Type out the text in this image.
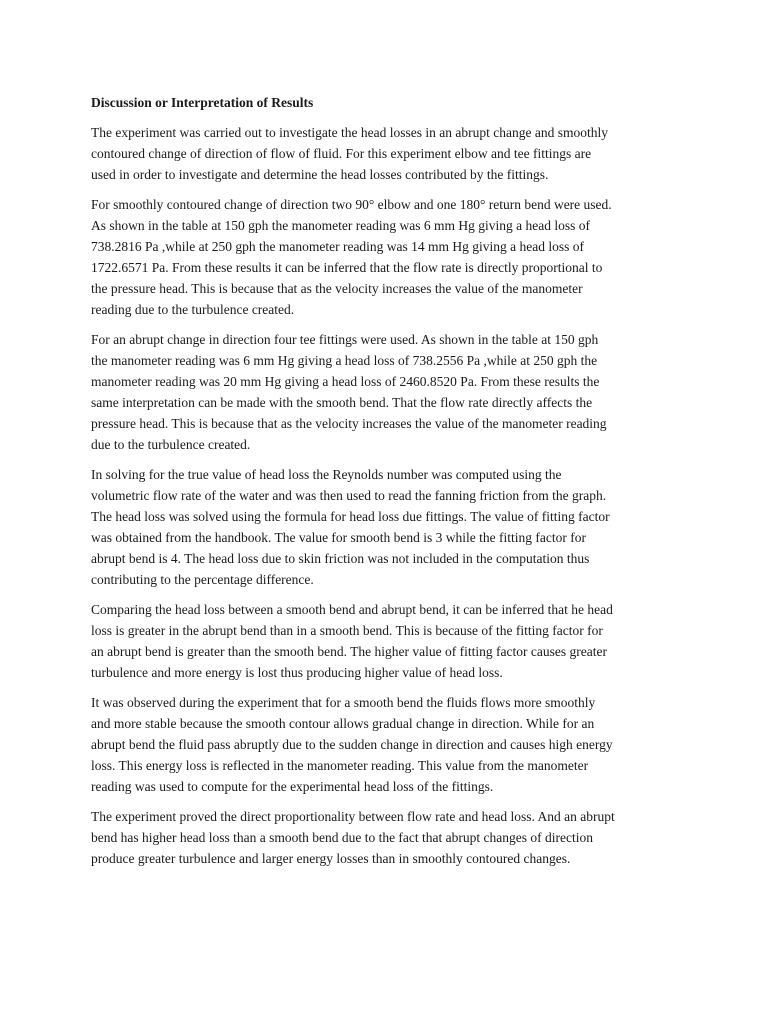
Discussion or Interpretation of Results
The experiment was carried out to investigate the head losses in an abrupt change and smoothly
contoured change of direction of flow of fluid. For this experiment elbow and tee fittings are
used in order to investigate and determine the head losses contributed by the fittings.
For smoothly contoured change of direction two 90° elbow and one 180° return bend were used.
As shown in the table at 150 gph the manometer reading was 6 mm Hg giving a head loss of
738.2816 Pa ,while at 250 gph the manometer reading was 14 mm Hg giving a head loss of
1722.6571 Pa. From these results it can be inferred that the flow rate is directly proportional to
the pressure head. This is because that as the velocity increases the value of the manometer
reading due to the turbulence created.
For an abrupt change in direction four tee fittings were used. As shown in the table at 150 gph
the manometer reading was 6 mm Hg giving a head loss of 738.2556 Pa ,while at 250 gph the
manometer reading was 20 mm Hg giving a head loss of 2460.8520 Pa. From these results the
same interpretation can be made with the smooth bend. That the flow rate directly affects the
pressure head. This is because that as the velocity increases the value of the manometer reading
due to the turbulence created.
In solving for the true value of head loss the Reynolds number was computed using the
volumetric flow rate of the water and was then used to read the fanning friction from the graph.
The head loss was solved using the formula for head loss due fittings. The value of fitting factor
was obtained from the handbook. The value for smooth bend is 3 while the fitting factor for
abrupt bend is 4. The head loss due to skin friction was not included in the computation thus
contributing to the percentage difference.
Comparing the head loss between a smooth bend and abrupt bend, it can be inferred that he head
loss is greater in the abrupt bend than in a smooth bend. This is because of the fitting factor for
an abrupt bend is greater than the smooth bend. The higher value of fitting factor causes greater
turbulence and more energy is lost thus producing higher value of head loss.
It was observed during the experiment that for a smooth bend the fluids flows more smoothly
and more stable because the smooth contour allows gradual change in direction. While for an
abrupt bend the fluid pass abruptly due to the sudden change in direction and causes high energy
loss. This energy loss is reflected in the manometer reading. This value from the manometer
reading was used to compute for the experimental head loss of the fittings.
The experiment proved the direct proportionality between flow rate and head loss. And an abrupt
bend has higher head loss than a smooth bend due to the fact that abrupt changes of direction
produce greater turbulence and larger energy losses than in smoothly contoured changes.
